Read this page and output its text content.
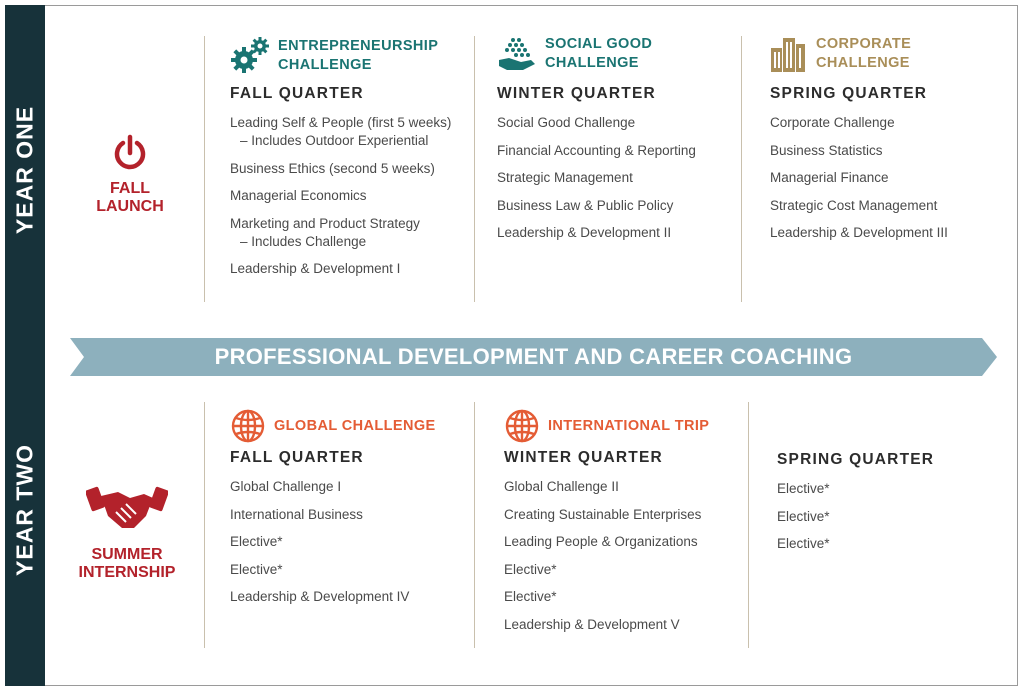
YEAR ONE
YEAR TWO
FALL
LAUNCH
SUMMER
INTERNSHIP
ENTREPRENEURSHIP
CHALLENGE
FALL QUARTER
Leading Self & People (first 5 weeks)
– Includes Outdoor Experiential
Business Ethics (second 5 weeks)
Managerial Economics
Marketing and Product Strategy
– Includes Challenge
Leadership & Development I
SOCIAL GOOD
CHALLENGE
WINTER QUARTER
Social Good Challenge
Financial Accounting & Reporting
Strategic Management
Business Law & Public Policy
Leadership & Development II
CORPORATE
CHALLENGE
SPRING QUARTER
Corporate Challenge
Business Statistics
Managerial Finance
Strategic Cost Management
Leadership & Development III
PROFESSIONAL DEVELOPMENT AND CAREER COACHING
GLOBAL CHALLENGE
FALL QUARTER
Global Challenge I
International Business
Elective*
Elective*
Leadership & Development IV
INTERNATIONAL TRIP
WINTER QUARTER
Global Challenge II
Creating Sustainable Enterprises
Leading People & Organizations
Elective*
Elective*
Leadership & Development V
SPRING QUARTER
Elective*
Elective*
Elective*
